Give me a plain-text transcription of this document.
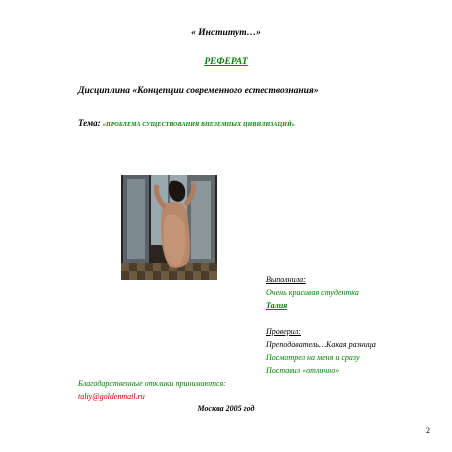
« Институт…»
РЕФЕРАТ
Дисциплина «Концепции современного естествознания»
Тема: «ПРОБЛЕМА СУЩЕСТВОВАНИЯ ВНЕЗЕМНЫХ ЦИВИЛИЗАЦИЙ»
Выполнила:
Очень красивая студентка
Талия
Проверил:
Преподаватель…Какая разница
Посмотрел на меня и сразу
Поставил «отлично»
Благодарственные отклики принимаются:
taliy@goldenmail.ru
Москва 2005 год
2
